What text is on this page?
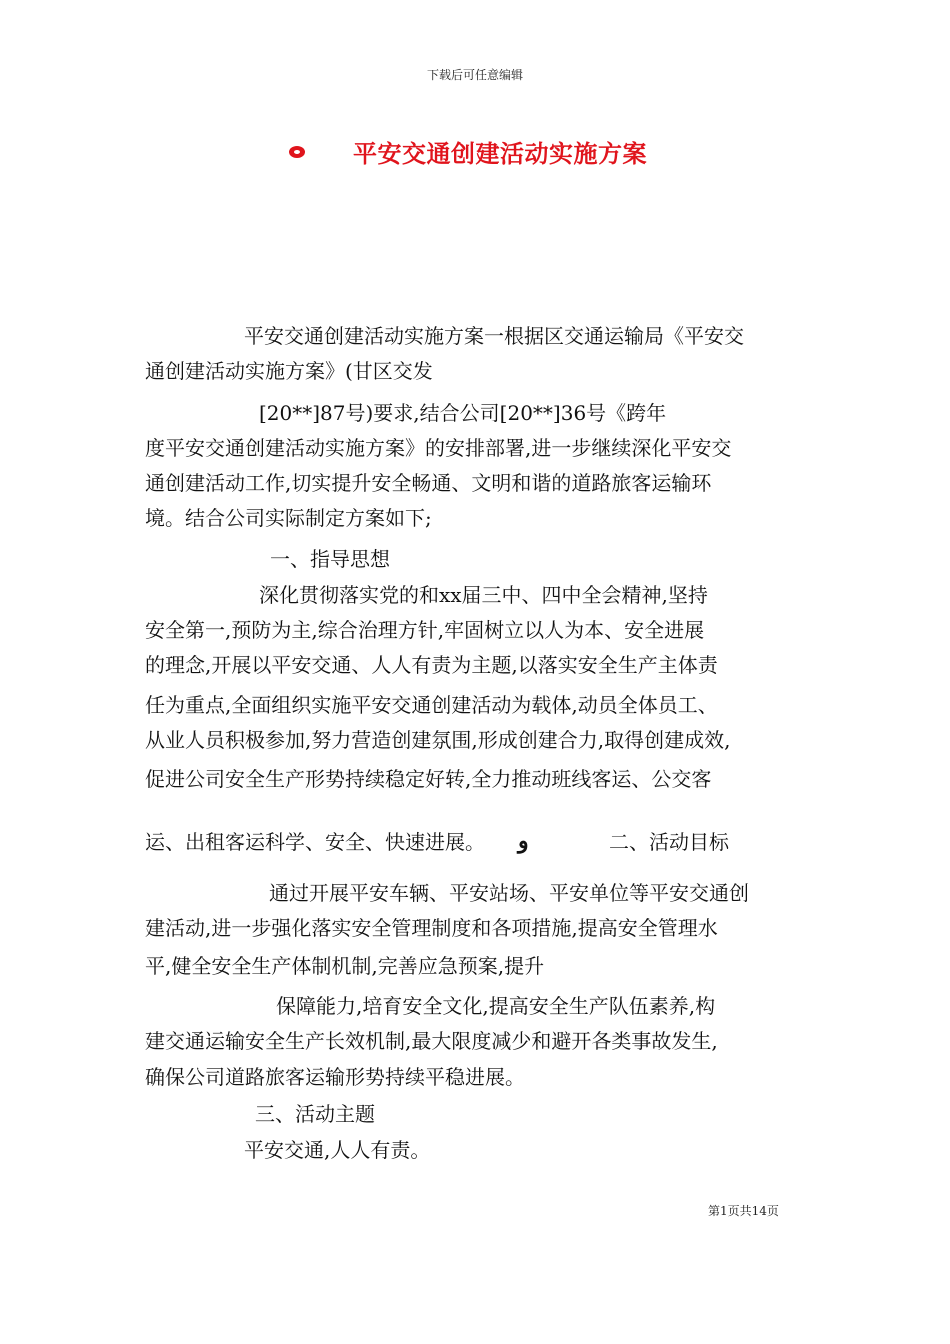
下载后可任意编辑
平安交通创建活动实施方案
平安交通创建活动实施方案一根据区交通运输局《平安交
通创建活动实施方案》(甘区交发
[20**]87号)要求,结合公司[20**]36号《跨年
度平安交通创建活动实施方案》的安排部署,进一步继续深化平安交
通创建活动工作,切实提升安全畅通、文明和谐的道路旅客运输环
境。结合公司实际制定方案如下;
一、指导思想
深化贯彻落实党的和xx届三中、四中全会精神,坚持
安全第一,预防为主,综合治理方针,牢固树立以人为本、安全进展
的理念,开展以平安交通、人人有责为主题,以落实安全生产主体责
任为重点,全面组织实施平安交通创建活动为载体,动员全体员工、
从业人员积极参加,努力营造创建氛围,形成创建合力,取得创建成效,
促进公司安全生产形势持续稳定好转,全力推动班线客运、公交客
运、出租客运科学、安全、快速进展。 و	二、活动目标
通过开展平安车辆、平安站场、平安单位等平安交通创
建活动,进一步强化落实安全管理制度和各项措施,提高安全管理水
平,健全安全生产体制机制,完善应急预案,提升
保障能力,培育安全文化,提高安全生产队伍素养,构
建交通运输安全生产长效机制,最大限度减少和避开各类事故发生,
确保公司道路旅客运输形势持续平稳进展。
三、活动主题
平安交通,人人有责。
第1页共14页
